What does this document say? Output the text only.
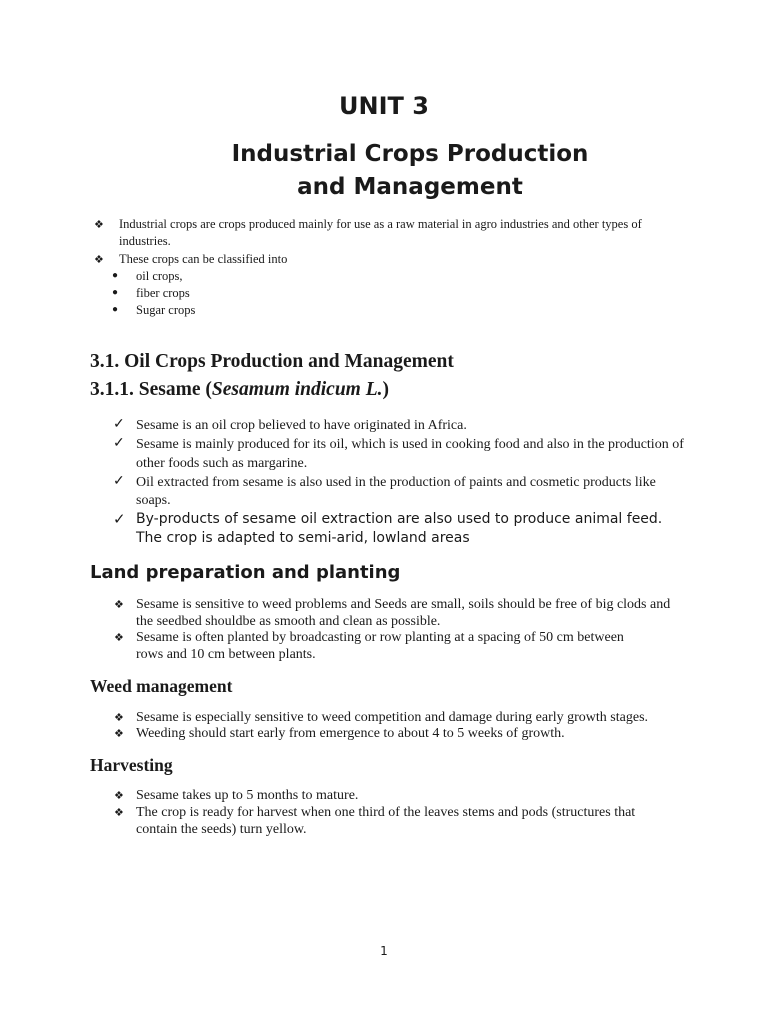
UNIT 3
Industrial Crops Production
and Management
❖ Industrial crops are crops produced mainly for use as a raw material in agro industries and other types of
industries.
❖ These crops can be classified into
● oil crops,
● fiber crops
● Sugar crops
3.1. Oil Crops Production and Management
3.1.1. Sesame (Sesamum indicum L.)
✓ Sesame is an oil crop believed to have originated in Africa.
✓ Sesame is mainly produced for its oil, which is used in cooking food and also in the production of
other foods such as margarine.
✓ Oil extracted from sesame is also used in the production of paints and cosmetic products like
soaps.
✓ By-products of sesame oil extraction are also used to produce animal feed.
The crop is adapted to semi-arid, lowland areas
Land preparation and planting
❖ Sesame is sensitive to weed problems and Seeds are small, soils should be free of big clods and
the seedbed shouldbe as smooth and clean as possible.
❖ Sesame is often planted by broadcasting or row planting at a spacing of 50 cm between
rows and 10 cm between plants.
Weed management
❖ Sesame is especially sensitive to weed competition and damage during early growth stages.
❖ Weeding should start early from emergence to about 4 to 5 weeks of growth.
Harvesting
❖ Sesame takes up to 5 months to mature.
❖ The crop is ready for harvest when one third of the leaves stems and pods (structures that
contain the seeds) turn yellow.
1
